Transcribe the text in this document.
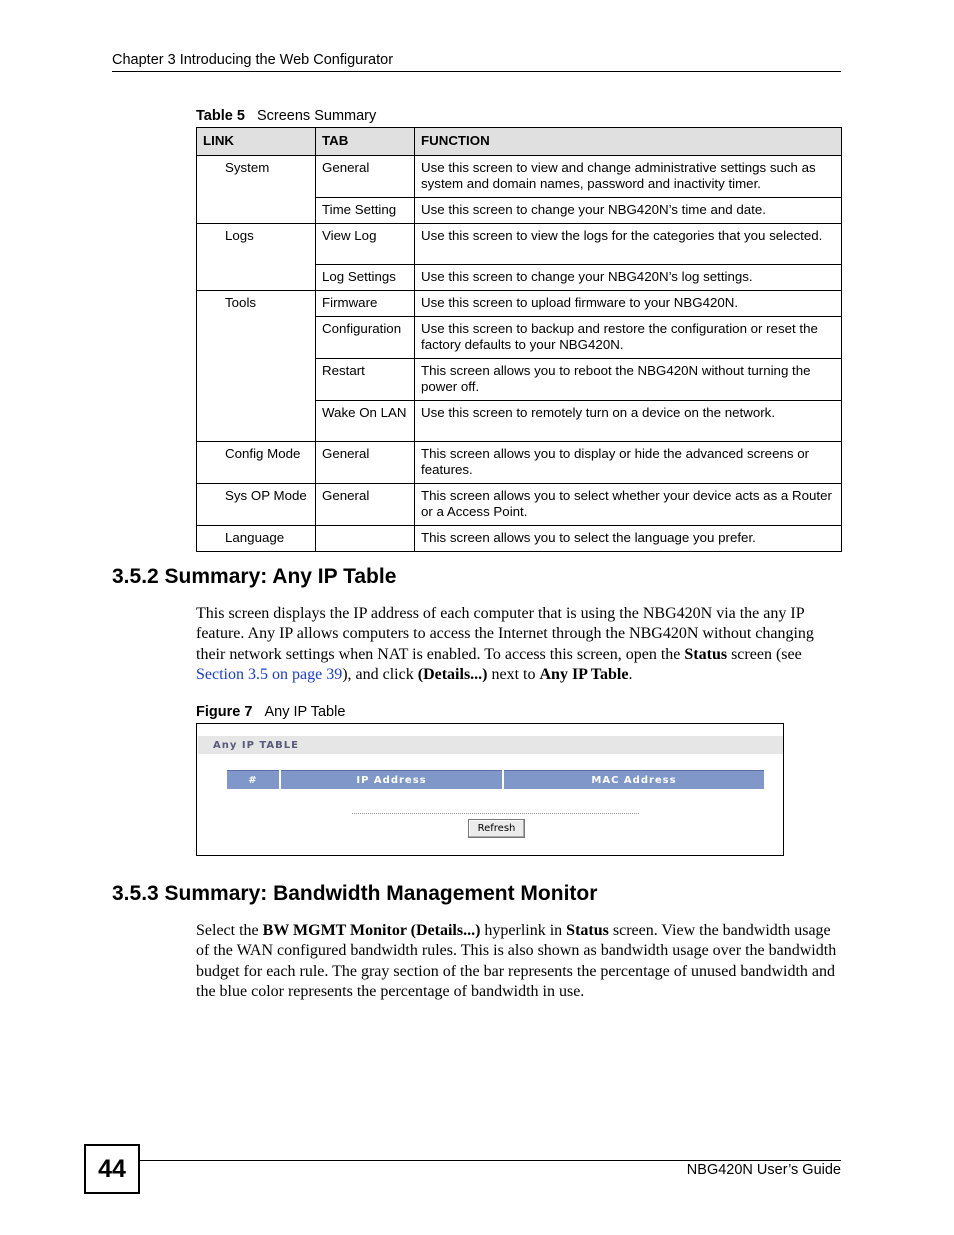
Chapter 3 Introducing the Web Configurator
Table 5 Screens Summary
LINK	TAB	FUNCTION
System	General	Use this screen to view and change administrative settings such as system and domain names, password and inactivity timer.
	Time Setting	Use this screen to change your NBG420N’s time and date.
Logs	View Log	Use this screen to view the logs for the categories that you selected.
	Log Settings	Use this screen to change your NBG420N’s log settings.
Tools	Firmware	Use this screen to upload firmware to your NBG420N.
	Configuration	Use this screen to backup and restore the configuration or reset the factory defaults to your NBG420N.
	Restart	This screen allows you to reboot the NBG420N without turning the power off.
	Wake On LAN	Use this screen to remotely turn on a device on the network.
Config Mode	General	This screen allows you to display or hide the advanced screens or features.
Sys OP Mode	General	This screen allows you to select whether your device acts as a Router or a Access Point.
Language		This screen allows you to select the language you prefer.
3.5.2 Summary: Any IP Table

This screen displays the IP address of each computer that is using the NBG420N via the any IP feature. Any IP allows computers to access the Internet through the NBG420N without changing their network settings when NAT is enabled. To access this screen, open the Status screen (see Section 3.5 on page 39), and click (Details...) next to Any IP Table.

Figure 7 Any IP Table
Any IP TABLE
#	IP Address	MAC Address
Refresh
3.5.3 Summary: Bandwidth Management Monitor

Select the BW MGMT Monitor (Details...) hyperlink in Status screen. View the bandwidth usage of the WAN configured bandwidth rules. This is also shown as bandwidth usage over the bandwidth budget for each rule. The gray section of the bar represents the percentage of unused bandwidth and the blue color represents the percentage of bandwidth in use.

44	NBG420N User’s Guide
